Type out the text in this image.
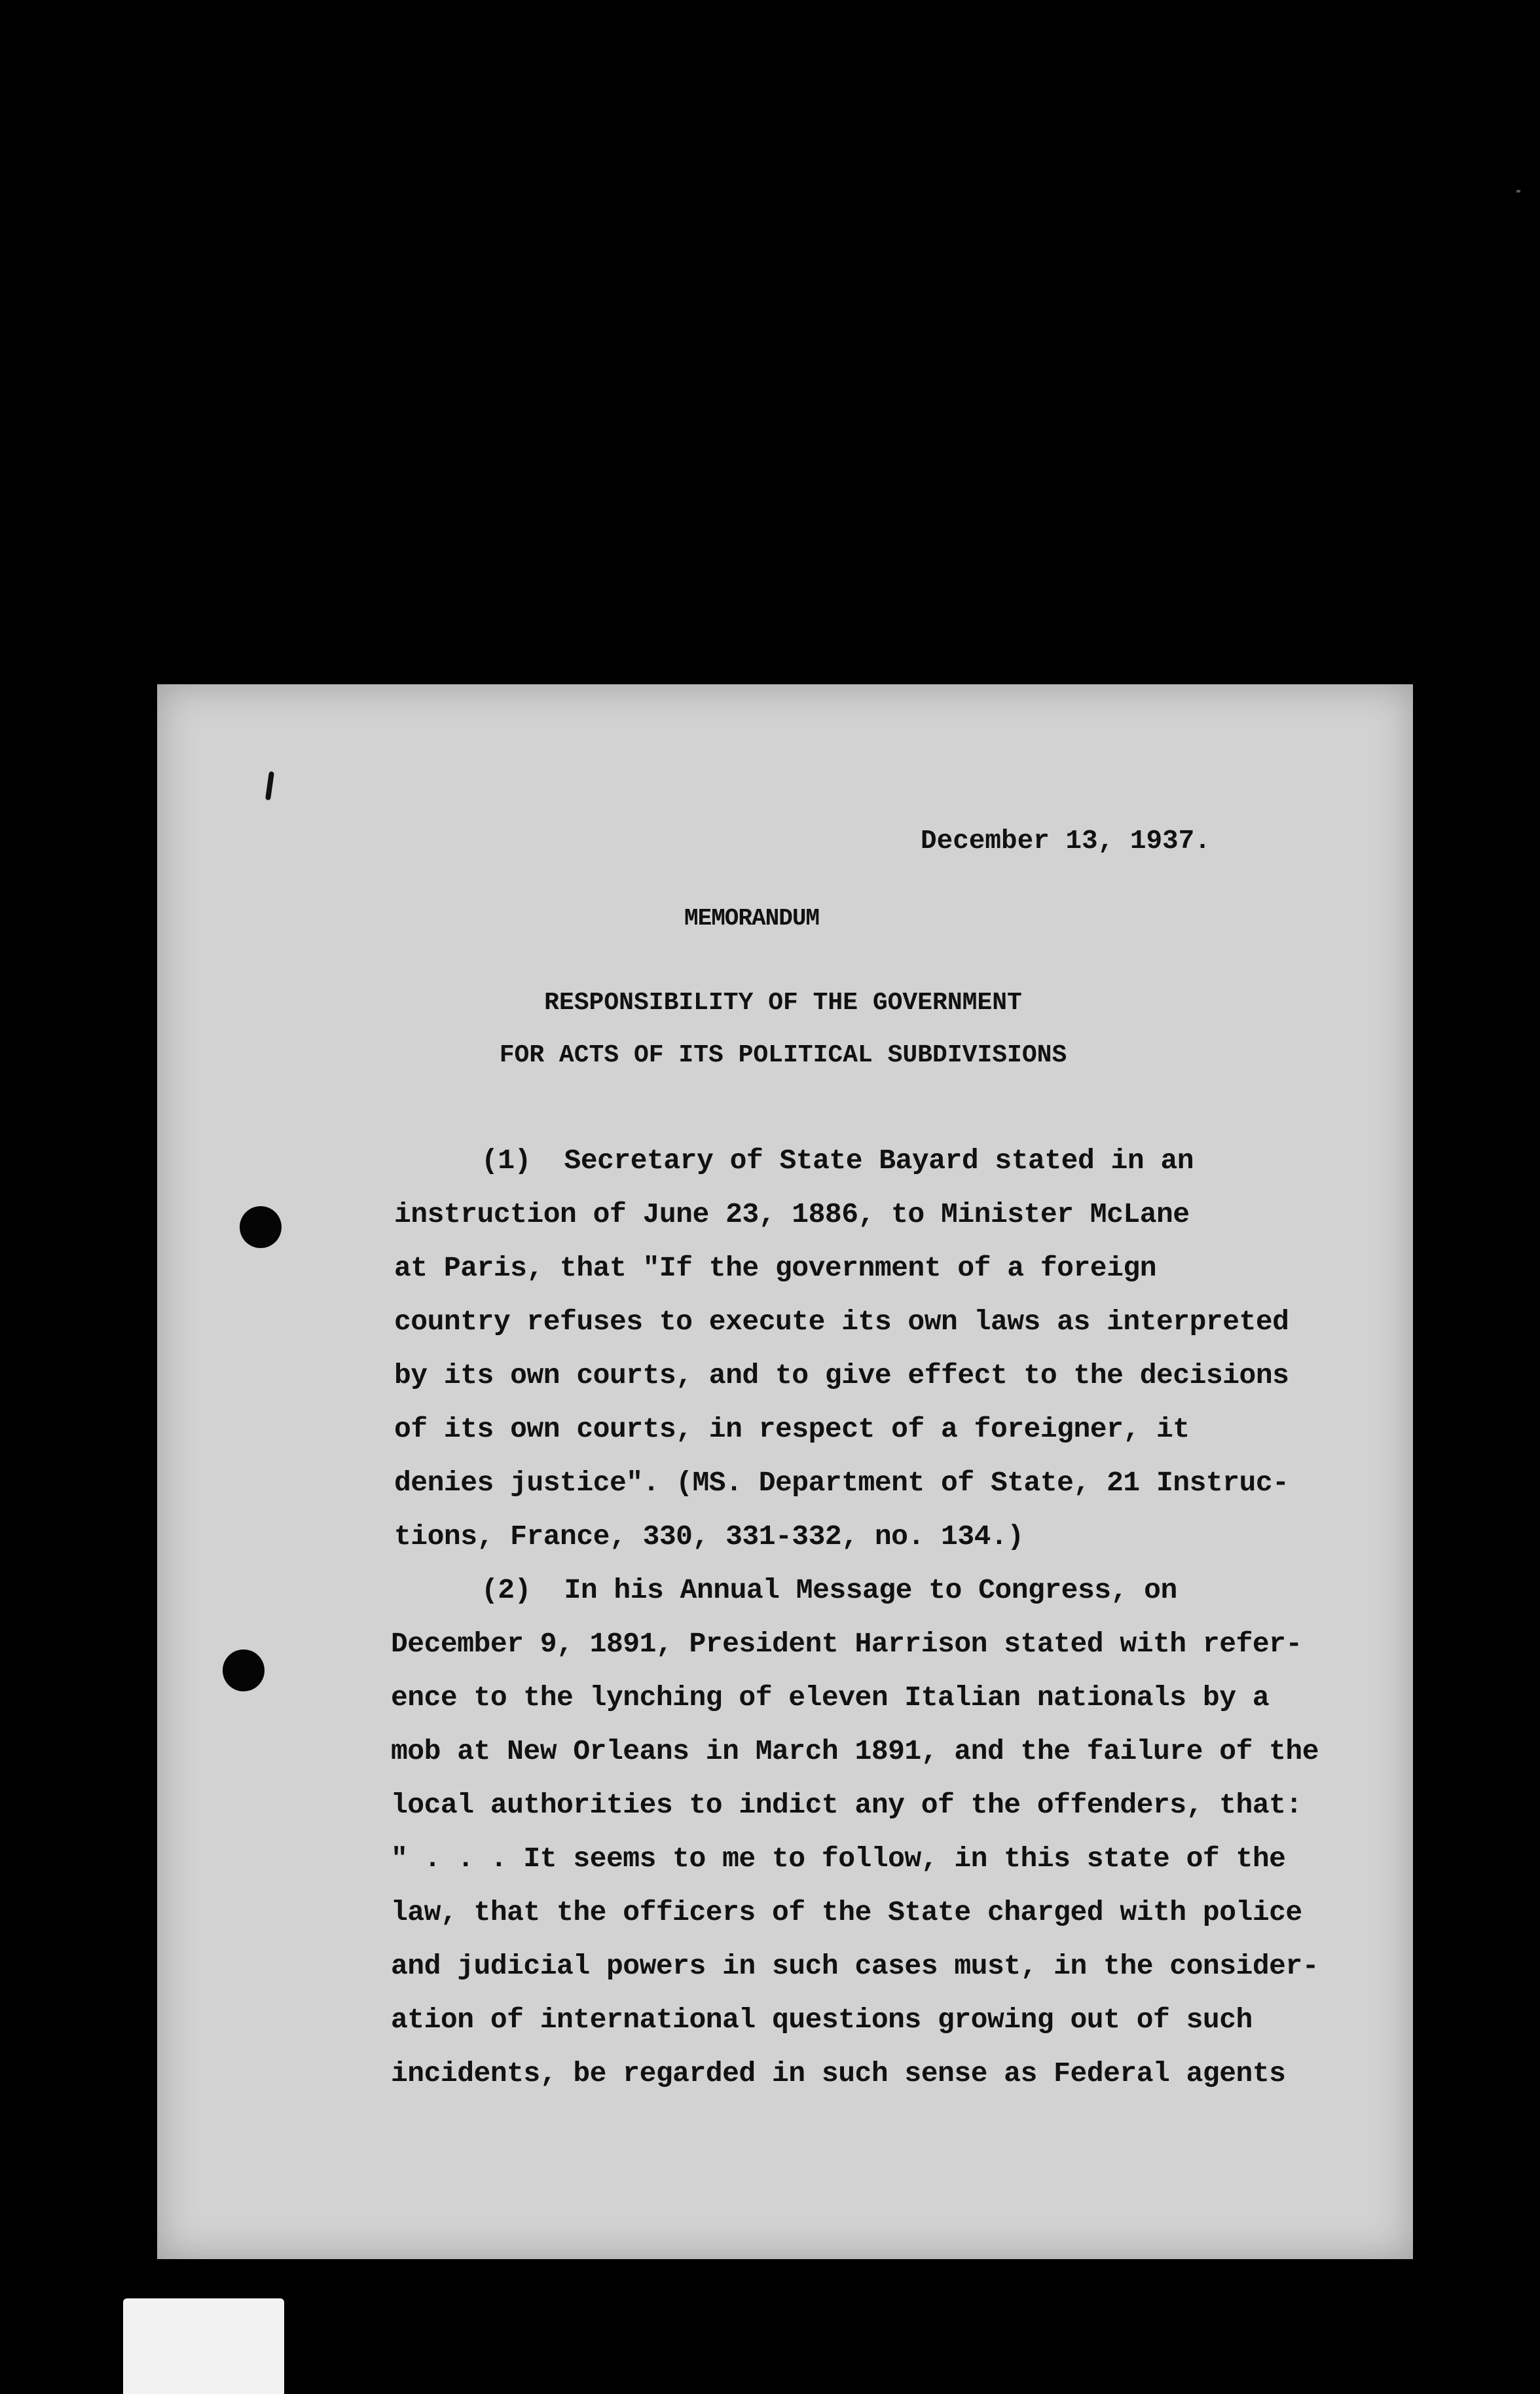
December 13, 1937.
MEMORANDUM
RESPONSIBILITY OF THE GOVERNMENT
FOR ACTS OF ITS POLITICAL SUBDIVISIONS
(1)  Secretary of State Bayard stated in an
instruction of June 23, 1886, to Minister McLane
at Paris, that "If the government of a foreign
country refuses to execute its own laws as interpreted
by its own courts, and to give effect to the decisions
of its own courts, in respect of a foreigner, it
denies justice". (MS. Department of State, 21 Instruc-
tions, France, 330, 331-332, no. 134.)
(2)  In his Annual Message to Congress, on
December 9, 1891, President Harrison stated with refer-
ence to the lynching of eleven Italian nationals by a
mob at New Orleans in March 1891, and the failure of the
local authorities to indict any of the offenders, that:
" . . . It seems to me to follow, in this state of the
law, that the officers of the State charged with police
and judicial powers in such cases must, in the consider-
ation of international questions growing out of such
incidents, be regarded in such sense as Federal agents
